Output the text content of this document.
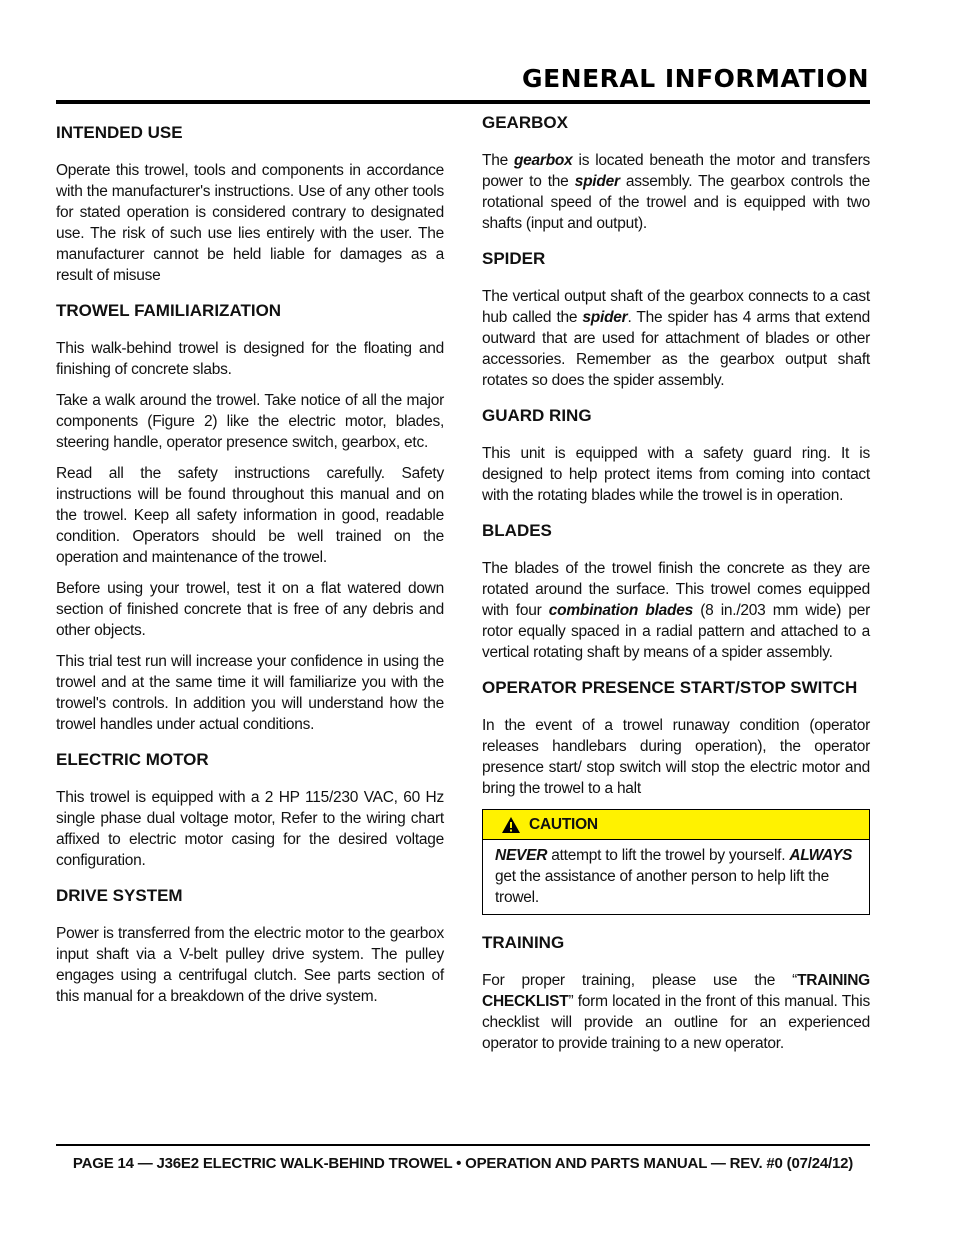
GENERAL INFORMATION
INTENDED USE

Operate this trowel, tools and components in accordance with the manufacturer's instructions. Use of any other tools for stated operation is considered contrary to designated use. The risk of such use lies entirely with the user. The manufacturer cannot be held liable for damages as a result of misuse

TROWEL FAMILIARIZATION

This walk-behind trowel is designed for the floating and finishing of concrete slabs.

Take a walk around the trowel. Take notice of all the major components (Figure 2) like the electric motor, blades, steering handle, operator presence switch, gearbox, etc.

Read all the safety instructions carefully. Safety instructions will be found throughout this manual and on the trowel. Keep all safety information in good, readable condition. Operators should be well trained on the operation and maintenance of the trowel.

Before using your trowel, test it on a flat watered down section of finished concrete that is free of any debris and other objects.

This trial test run will increase your confidence in using the trowel and at the same time it will familiarize you with the trowel's controls. In addition you will understand how the trowel handles under actual conditions.

ELECTRIC MOTOR

This trowel is equipped with a 2 HP 115/230 VAC, 60 Hz single phase dual voltage motor, Refer to the wiring chart affixed to electric motor casing for the desired voltage configuration.

DRIVE SYSTEM

Power is transferred from the electric motor to the gearbox input shaft via a V-belt pulley drive system. The pulley engages using a centrifugal clutch. See parts section of this manual for a breakdown of the drive system.

GEARBOX

The gearbox is located beneath the motor and transfers power to the spider assembly. The gearbox controls the rotational speed of the trowel and is equipped with two shafts (input and output).

SPIDER

The vertical output shaft of the gearbox connects to a cast hub called the spider. The spider has 4 arms that extend outward that are used for attachment of blades or other accessories. Remember as the gearbox output shaft rotates so does the spider assembly.

GUARD RING

This unit is equipped with a safety guard ring. It is designed to help protect items from coming into contact with the rotating blades while the trowel is in operation.

BLADES

The blades of the trowel finish the concrete as they are rotated around the surface. This trowel comes equipped with four combination blades (8 in./203 mm wide) per rotor equally spaced in a radial pattern and attached to a vertical rotating shaft by means of a spider assembly.

OPERATOR PRESENCE START/STOP SWITCH

In the event of a trowel runaway condition (operator releases handlebars during operation), the operator presence start/ stop switch will stop the electric motor and bring the trowel to a halt

CAUTION
NEVER attempt to lift the trowel by yourself. ALWAYS get the assistance of another person to help lift the trowel.
TRAINING

For proper training, please use the “TRAINING CHECKLIST” form located in the front of this manual. This checklist will provide an outline for an experienced operator to provide training to a new operator.

PAGE 14 — J36E2 ELECTRIC WALK-BEHIND TROWEL • OPERATION AND PARTS MANUAL — REV. #0 (07/24/12)
